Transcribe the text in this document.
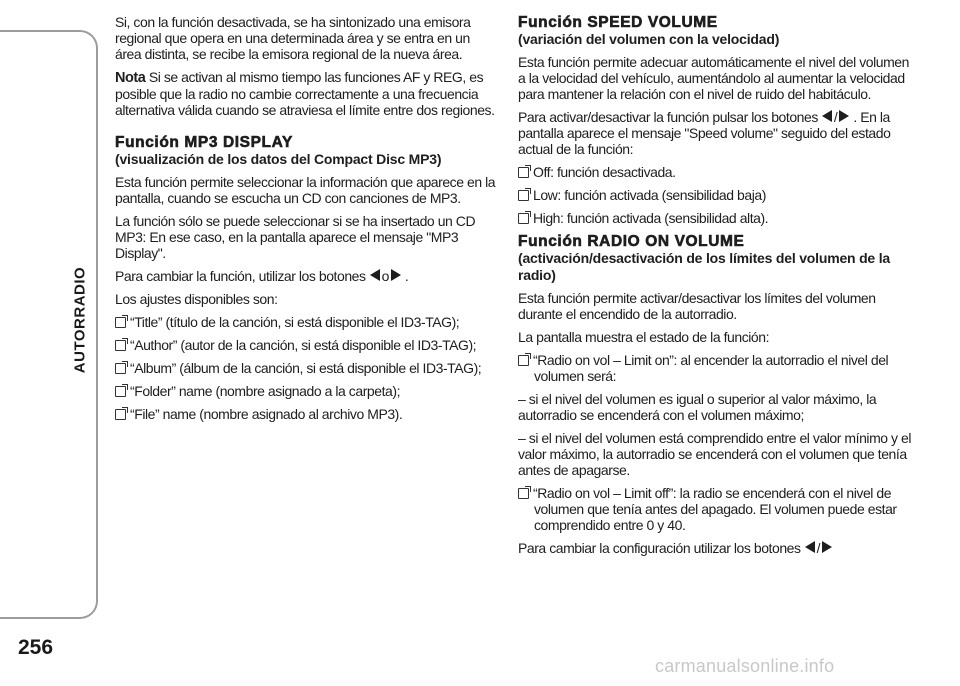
AUTORRADIO
256

Si, con la función desactivada, se ha sintonizado una emisora regional que opera en una determinada área y se entra en un área distinta, se recibe la emisora regional de la nueva área.

Nota Si se activan al mismo tiempo las funciones AF y REG, es posible que la radio no cambie correctamente a una frecuencia alternativa válida cuando se atraviesa el límite entre dos regiones.

Función MP3 DISPLAY
(visualización de los datos del Compact Disc MP3)

Esta función permite seleccionar la información que aparece en la pantalla, cuando se escucha un CD con canciones de MP3.

La función sólo se puede seleccionar si se ha insertado un CD MP3: En ese caso, en la pantalla aparece el mensaje "MP3 Display".

Para cambiar la función, utilizar los botones o .

Los ajustes disponibles son:

“Title” (título de la canción, si está disponible el ID3-TAG);

“Author” (autor de la canción, si está disponible el ID3-TAG);

“Album” (álbum de la canción, si está disponible el ID3-TAG);

“Folder” name (nombre asignado a la carpeta);

“File” name (nombre asignado al archivo MP3).

Función SPEED VOLUME
(variación del volumen con la velocidad)

Esta función permite adecuar automáticamente el nivel del volumen a la velocidad del vehículo, aumentándolo al aumentar la velocidad para mantener la relación con el nivel de ruido del habitáculo.

Para activar/desactivar la función pulsar los botones / . En la pantalla aparece el mensaje "Speed volume" seguido del estado actual de la función:

Off: función desactivada.

Low: función activada (sensibilidad baja)

High: función activada (sensibilidad alta).

Función RADIO ON VOLUME
(activación/desactivación de los límites del volumen de la radio)

Esta función permite activar/desactivar los límites del volumen durante el encendido de la autorradio.

La pantalla muestra el estado de la función:

“Radio on vol – Limit on”: al encender la autorradio el nivel del volumen será:

– si el nivel del volumen es igual o superior al valor máximo, la autorradio se encenderá con el volumen máximo;

– si el nivel del volumen está comprendido entre el valor mínimo y el valor máximo, la autorradio se encenderá con el volumen que tenía antes de apagarse.

“Radio on vol – Limit off”: la radio se encenderá con el nivel de volumen que tenía antes del apagado. El volumen puede estar comprendido entre 0 y 40.

Para cambiar la configuración utilizar los botones /

carmanualsonline.info
